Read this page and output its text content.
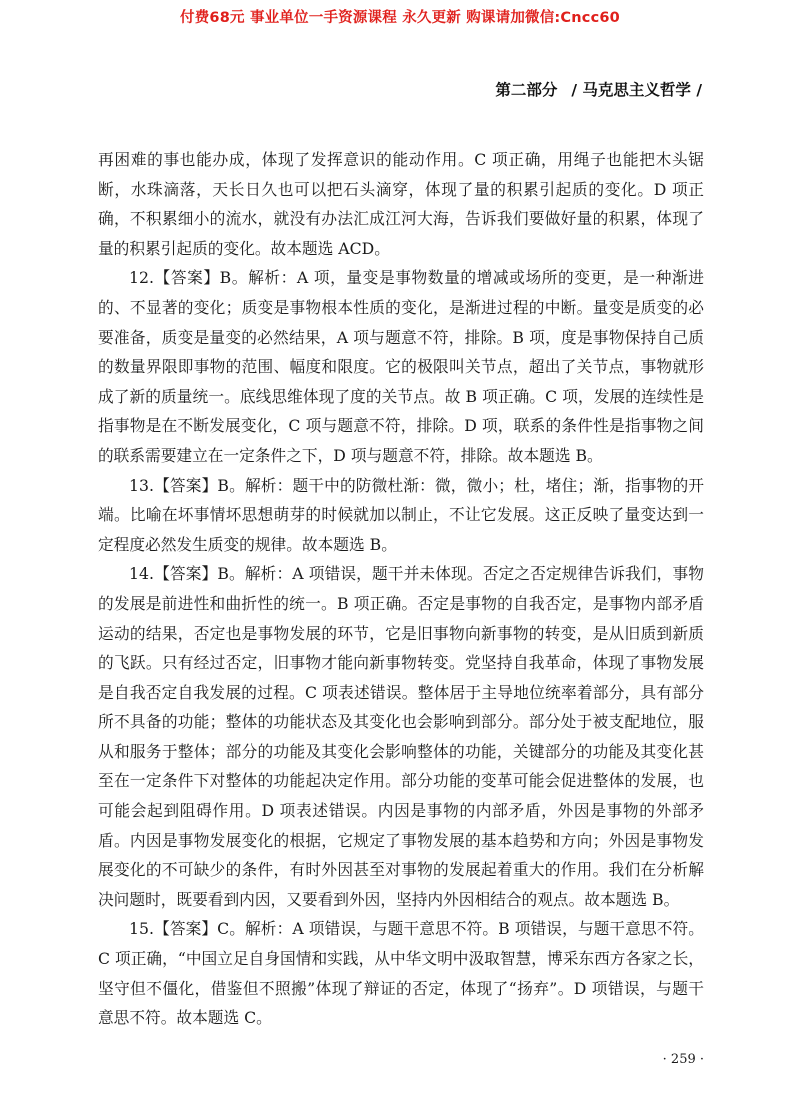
付费68元 事业单位一手资源课程 永久更新 购课请加微信:Cncc60
第二部分 / 马克思主义哲学 /

再困难的事也能办成，体现了发挥意识的能动作用。C 项正确，用绳子也能把木头锯断，水珠滴落，天长日久也可以把石头滴穿，体现了量的积累引起质的变化。D 项正确，不积累细小的流水，就没有办法汇成江河大海，告诉我们要做好量的积累，体现了量的积累引起质的变化。故本题选 ACD。

12.【答案】B。解析：A 项，量变是事物数量的增减或场所的变更，是一种渐进的、不显著的变化；质变是事物根本性质的变化，是渐进过程的中断。量变是质变的必要准备，质变是量变的必然结果，A 项与题意不符，排除。B 项，度是事物保持自己质的数量界限即事物的范围、幅度和限度。它的极限叫关节点，超出了关节点，事物就形成了新的质量统一。底线思维体现了度的关节点。故 B 项正确。C 项，发展的连续性是指事物是在不断发展变化，C 项与题意不符，排除。D 项，联系的条件性是指事物之间的联系需要建立在一定条件之下，D 项与题意不符，排除。故本题选 B。

13.【答案】B。解析：题干中的防微杜渐：微，微小；杜，堵住；渐，指事物的开端。比喻在坏事情坏思想萌芽的时候就加以制止，不让它发展。这正反映了量变达到一定程度必然发生质变的规律。故本题选 B。

14.【答案】B。解析：A 项错误，题干并未体现。否定之否定规律告诉我们，事物的发展是前进性和曲折性的统一。B 项正确。否定是事物的自我否定，是事物内部矛盾运动的结果，否定也是事物发展的环节，它是旧事物向新事物的转变，是从旧质到新质的飞跃。只有经过否定，旧事物才能向新事物转变。党坚持自我革命，体现了事物发展是自我否定自我发展的过程。C 项表述错误。整体居于主导地位统率着部分，具有部分所不具备的功能；整体的功能状态及其变化也会影响到部分。部分处于被支配地位，服从和服务于整体；部分的功能及其变化会影响整体的功能，关键部分的功能及其变化甚至在一定条件下对整体的功能起决定作用。部分功能的变革可能会促进整体的发展，也可能会起到阻碍作用。D 项表述错误。内因是事物的内部矛盾，外因是事物的外部矛盾。内因是事物发展变化的根据，它规定了事物发展的基本趋势和方向；外因是事物发展变化的不可缺少的条件，有时外因甚至对事物的发展起着重大的作用。我们在分析解决问题时，既要看到内因，又要看到外因，坚持内外因相结合的观点。故本题选 B。

15.【答案】C。解析：A 项错误，与题干意思不符。B 项错误，与题干意思不符。C 项正确，“中国立足自身国情和实践，从中华文明中汲取智慧，博采东西方各家之长，坚守但不僵化，借鉴但不照搬”体现了辩证的否定，体现了“扬弃”。D 项错误，与题干意思不符。故本题选 C。

· 259 ·
